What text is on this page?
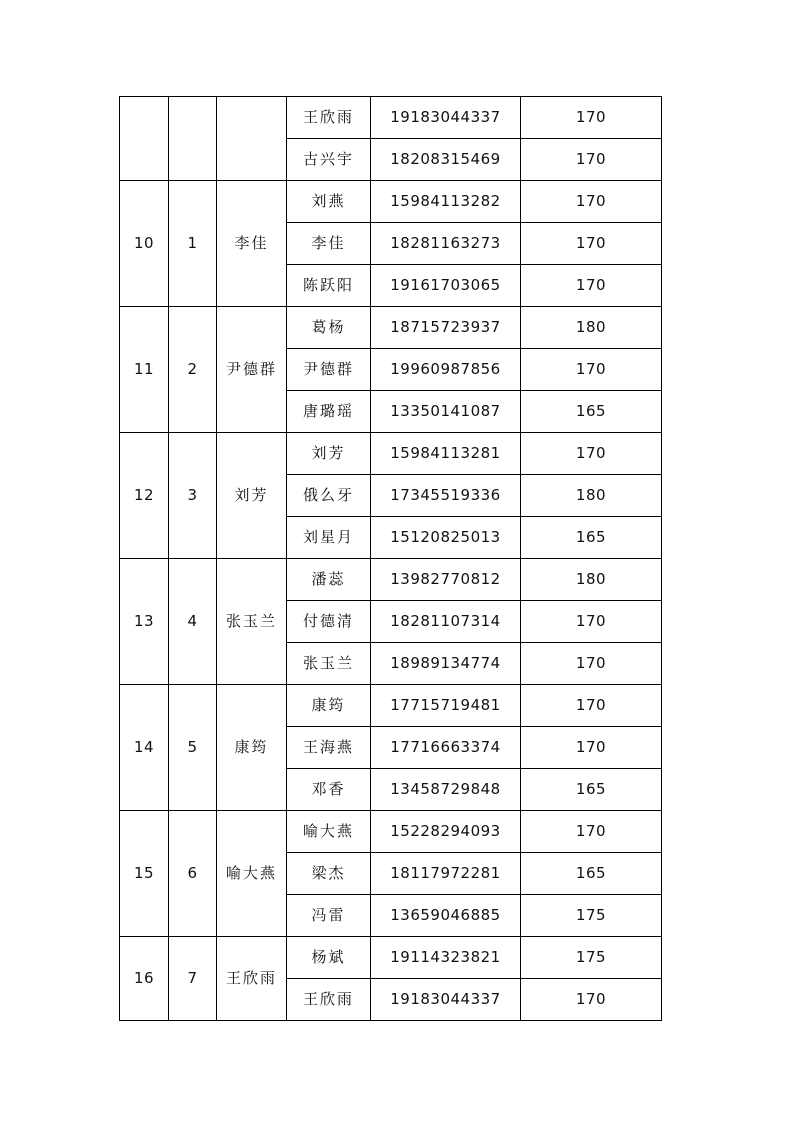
			王欣雨	19183044337	170
			古兴宇	18208315469	170
10	1	李佳	刘燕	15984113282	170
			李佳	18281163273	170
			陈跃阳	19161703065	170
11	2	尹德群	葛杨	18715723937	180
			尹德群	19960987856	170
			唐璐瑶	13350141087	165
12	3	刘芳	刘芳	15984113281	170
			俄么牙	17345519336	180
			刘星月	15120825013	165
13	4	张玉兰	潘蕊	13982770812	180
			付德清	18281107314	170
			张玉兰	18989134774	170
14	5	康筠	康筠	17715719481	170
			王海燕	17716663374	170
			邓香	13458729848	165
15	6	喻大燕	喻大燕	15228294093	170
			梁杰	18117972281	165
			冯雷	13659046885	175
16	7	王欣雨	杨斌	19114323821	175
			王欣雨	19183044337	170
